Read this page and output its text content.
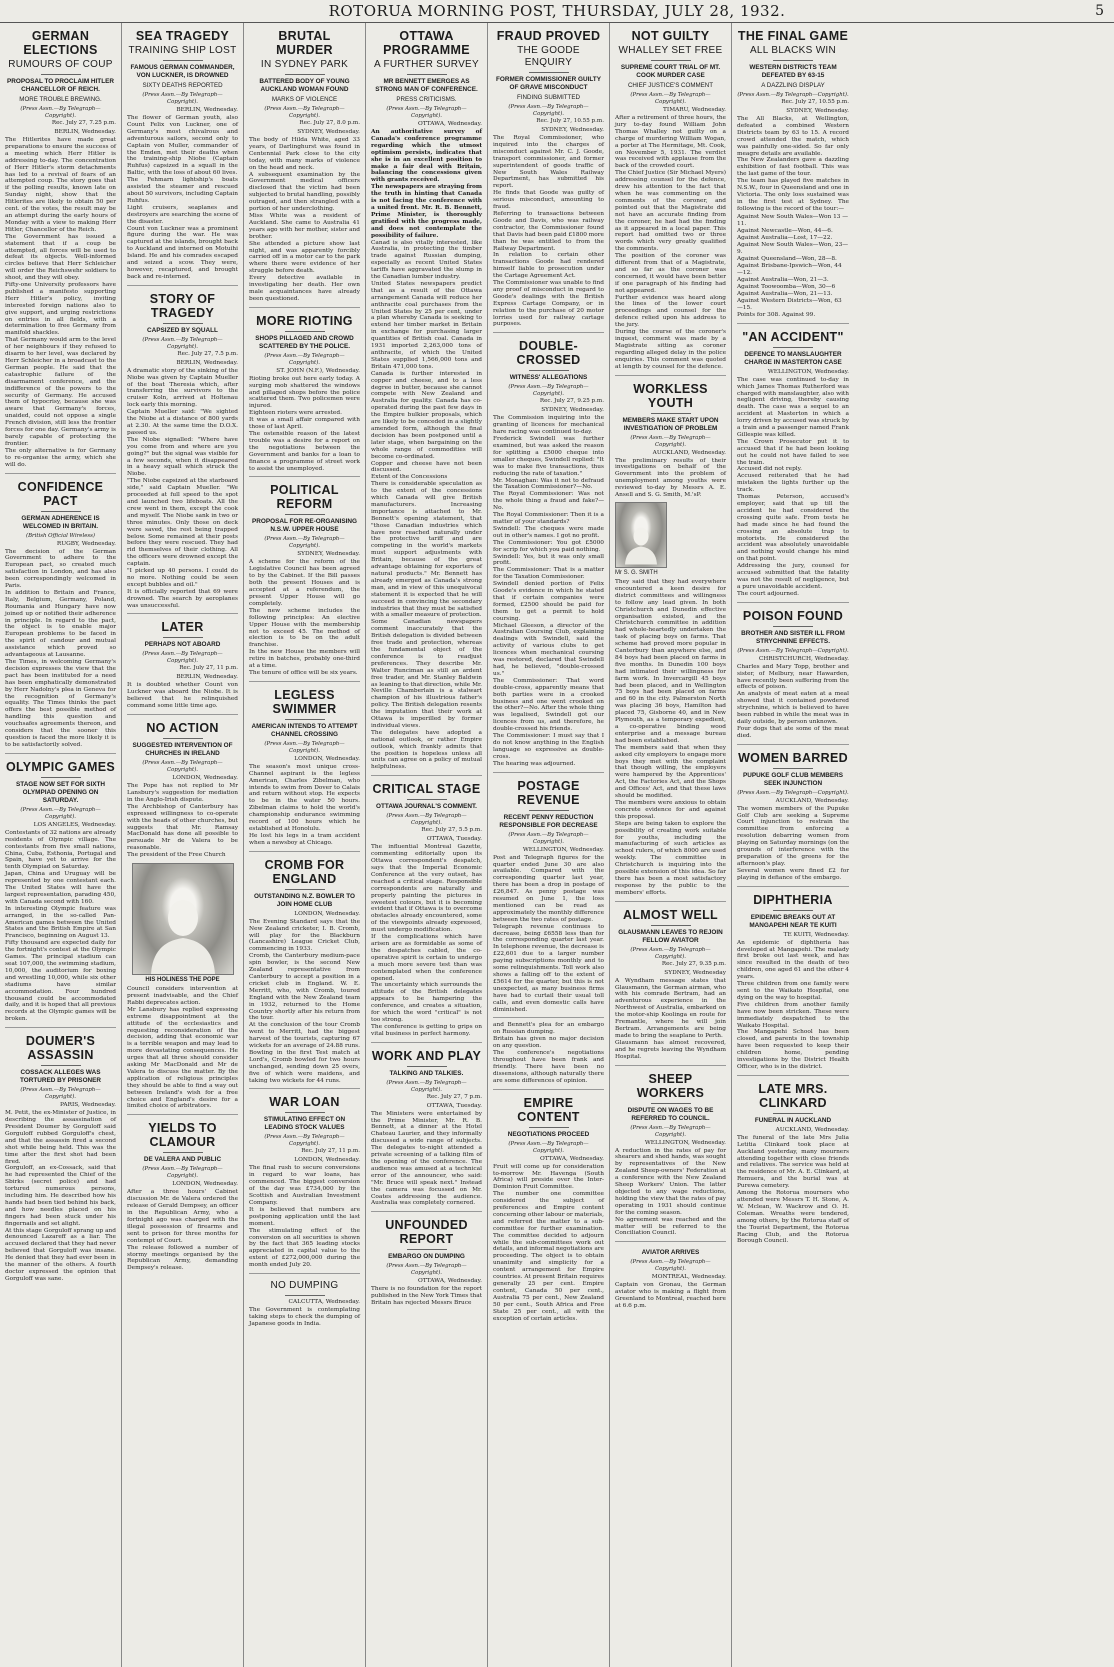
ROTORUA MORNING POST, THURSDAY, JULY 28, 1932.	5
GERMAN ELECTIONS
RUMOURS OF COUP
PROPOSAL TO PROCLAIM HITLER CHANCELLOR OF REICH.
MORE TROUBLE BREWING.
(Press Assn.—By Telegraph—Copyright).
Rec. July 27, 7.25 p.m.
BERLIN, Wednesday.

The Hitlerites have made great preparations to ensure the success of a meeting which Herr Hitler is addressing to-day. The concentration of Herr Hitler's storm detachments has led to a revival of fears of an attempted coup. The story goes that if the polling results, known late on Sunday night, show that the Hitlerites are likely to obtain 50 per cent. of the votes, the result may be an attempt during the early hours of Monday with a view to making Herr Hitler, Chancellor of the Reich.

The Government has issued a statement that if a coup be attempted, all forces will be used to defeat its objects. Well-informed circles believe that Herr Schleicher will order the Reichswehr soldiers to shoot, and they will obey.

Fifty-one University professors have published a manifesto supporting Herr Hitler's policy, inviting interested foreign nations also to give support, and urging restrictions on entries in all fields, with a determination to free Germany from manifold shackles.

That Germany would arm to the level of her neighbours if they refused to disarm to her level, was declared by Herr Schleicher in a broadcast to the German people. He said that the catastrophic failure of the disarmament conference, and the indifference of the powers to the security of Germany. He accused them of hypocrisy, because she was aware that Germany's forces, unaided, could not oppose a single French division, still less the frontier forces for one day. Germany's army is barely capable of protecting the frontier.

The only alternative is for Germany to re-organise the army, which she will do.

CONFIDENCE PACT
GERMAN ADHERENCE IS WELCOMED IN BRITAIN.
(British Official Wireless)
RUGBY, Wednesday.

The decision of the German Government to adhere to the European pact, so created much satisfaction in London, and has also been correspondingly welcomed in Paris.

In addition to Britain and France, Italy, Belgium, Germany, Poland, Roumania and Hungary have now joined up or notified their adherence in principle. In regard to the pact, the object is to enable major European problems to be faced in the spirit of candour and mutual assistance which proved so advantageous at Lausanne.

The Times, in welcoming Germany's decision expresses the view that the pact has been instituted for a need has been emphatically demonstrated by Herr Nadolny's plea in Geneva for the recognition of Germany's equality. The Times thinks the pact offers the best possible method of handling this question and vouchsafes agreements thereon, and considers that the sooner this question is faced the more likely it is to be satisfactorily solved.

OLYMPIC GAMES
STAGE NOW SET FOR SIXTH OLYMPIAD OPENING ON SATURDAY.
(Press Assn.—By Telegraph—Copyright).
LOS ANGELES, Wednesday.

Contestants of 32 nations are already residents of Olympic village. The contestants from five small nations, China, Cuba, Esthonia, Portugal and Spain, have yet to arrive for the tenth Olympiad on Saturday.

Japan, China and Uruguay will be represented by one contestant each. The United States will have the largest representation, parading 450, with Canada second with 160.

In interesting Olympic feature was arranged, in the so-called Pan-American games between the United States and the British Empire at San Francisco, beginning on August 13.

Fifty thousand are expected daily for the fortnight's contest at the Olympic Games. The principal stadium can seat 107,000, the swimming stadium, 10,000, the auditorium for boxing and wrestling 10,000, while six other stadiums have similar accommodation. Four hundred thousand could be accommodated daily, and it is hoped that all previous records at the Olympic games will be broken.

DOUMER'S ASSASSIN
COSSACK ALLEGES WAS TORTURED BY PRISONER
(Press Assn.—By Telegraph—Copyright).
PARIS, Wednesday.

M. Petit, the ex-Minister of Justice, in describing the assassination of President Doumer by Gorguloff said Gorguloff rubbed Gorguloff's chest, and that the assassin fired a second shot while being held. This was the time after the first shot had been fired.

Gorguloff, an ex-Cossack, said that he had represented the Chief of the Sbirks (secret police) and had tortured numerous persons, including him. He described how his hands had been tied behind his back, and how needles placed on his fingers had been stuck under his fingernails and set alight.

At this stage Gorguloff sprang up and denounced Lazareff as a liar. The accused declared that they had never believed that Gorguloff was insane. He denied that they had ever been in the manner of the others. A fourth doctor expressed the opinion that Gorguloff was sane.

SEA TRAGEDY
TRAINING SHIP LOST
FAMOUS GERMAN COMMANDER, VON LUCKNER, IS DROWNED
SIXTY DEATHS REPORTED
(Press Assn.—By Telegraph—Copyright).
BERLIN, Wednesday.

The flower of German youth, also Count Felix von Luckner, one of Germany's most chivalrous and adventurous sailors, second only to Captain von Muller, commander of the Emden, met their deaths when the training-ship Niobe (Captain Ruhfus) capsized in a squall in the Baltic, with the loss of about 60 lives.

The Fehmarn lightship's boats assisted the steamer and rescued about 50 survivors, including Captain Ruhfus.

Light cruisers, seaplanes and destroyers are searching the scene of the disaster.

Count von Luckner was a prominent figure during the war. He was captured at the islands, brought back to Auckland and interned on Motuihi Island. He and his comrades escaped and seized a scow. They were, however, recaptured, and brought back and re-interned.

STORY OF TRAGEDY
CAPSIZED BY SQUALL
(Press Assn.—By Telegraph—Copyright).
Rec. July 27, 7.5 p.m.
BERLIN, Wednesday.

A dramatic story of the sinking of the Niobe was given by Captain Mueller of the boat Theresia which, after transferring the survivors to the cruiser Koln, arrived at Holtenau lock early this morning.

Captain Mueller said: "We sighted the Niobe at a distance of 800 yards at 2.30. At the same time the D.O.X. passed us.

The Niobe signalled: "Where have you come from and where are you going?" but the signal was visible for a few seconds, when it disappeared in a heavy squall which struck the Niobe.

"The Niobe capsized at the starboard side," said Captain Mueller. "We proceeded at full speed to the spot and launched two lifeboats. All the crew went in them, except the cook and myself. The Niobe sank in two or three minutes. Only those on deck were saved, the rest being trapped below. Some remained at their posts before they were rescued. They had rid themselves of their clothing. All the officers were drowned except the captain.

"I picked up 40 persons. I could do no more. Nothing could be seen except bubbles and oil."

It is officially reported that 69 were drowned. The search by aeroplanes was unsuccessful.

LATER
PERHAPS NOT ABOARD
(Press Assn.—By Telegraph—Copyright).
Rec. July 27, 11 p.m.
BERLIN, Wednesday.

It is doubted whether Count von Luckner was aboard the Niobe. It is believed that he relinquished command some little time ago.

NO ACTION
SUGGESTED INTERVENTION OF CHURCHES IN IRELAND
(Press Assn.—By Telegraph—Copyright).
LONDON, Wednesday.

The Pope has not replied to Mr Lansbury's suggestion for mediation in the Anglo-Irish dispute.

The Archbishop of Canterbury has expressed willingness to co-operate with the heads of other churches, but suggests that Mr. Ramsay MacDonald has done all possible to persuade Mr de Valera to be reasonable.

The president of the Free Church

HIS HOLINESS THE POPE

Council considers intervention at present inadvisable, and the Chief Rabbi deprecates action.

Mr Lansbury has replied expressing extreme disappointment at the attitude of the ecclesiastics and requesting reconsideration of the decision, adding that economic war is a terrible weapon and may lead to more devastating consequences. He urges that all three should consider asking Mr MacDonald and Mr de Valera to discuss the matter. By the application of religious principles they should be able to find a way out between Ireland's wish for a free choice and England's desire for a limited choice of arbitrators.

YIELDS TO CLAMOUR
DE VALERA AND PUBLIC
(Press Assn.—By Telegraph—Copyright).
LONDON, Wednesday.

After a three hours' Cabinet discussion Mr. de Valera ordered the release of Gerald Dempsey, an officer in the Republican Army, who a fortnight ago was charged with the illegal possession of firearms and sent to prison for three months for contempt of Court.

The release followed a number of stormy meetings organised by the Republican Army, demanding Dempsey's release.

BRUTAL MURDER
IN SYDNEY PARK
BATTERED BODY OF YOUNG AUCKLAND WOMAN FOUND
MARKS OF VIOLENCE
(Press Assn.—By Telegraph—Copyright).
Rec. July 27, 8.0 p.m.
SYDNEY, Wednesday.

The body of Hilda White, aged 33 years, of Darlinghurst was found in Centennial Park close to the city today, with many marks of violence on the head and neck.

A subsequent examination by the Government medical officers disclosed that the victim had been subjected to brutal handling, possibly outraged, and then strangled with a portion of her underclothing.

Miss White was a resident of Auckland. She came to Australia 41 years ago with her mother, sister and brother.

She attended a picture show last night, and was apparently forcibly carried off in a motor car to the park where there were evidence of her struggle before death.

Every detective available in investigating her death. Her own male acquaintances have already been questioned.

MORE RIOTING
SHOPS PILLAGED AND CROWD SCATTERED BY THE POLICE.
(Press Assn.—By Telegraph—Copyright).
ST. JOHN (N.F.), Wednesday.

Rioting broke out here early today. A surging mob shattered the windows and pillaged shops before the police scattered them. Two policemen were injured.

Eighteen rioters were arrested.

It was a small affair compared with those of last April.

The ostensible reason of the latest trouble was a desire for a report on the negotiations between the Government and banks for a loan to finance a programme of street work to assist the unemployed.

POLITICAL REFORM
PROPOSAL FOR RE-ORGANISING N.S.W. UPPER HOUSE
(Press Assn.—By Telegraph—Copyright).
SYDNEY, Wednesday.

A scheme for the reform of the Legislative Council has been agreed to by the Cabinet. If the Bill passes both the present Houses and is accepted at a referendum, the present Upper House will go completely.

The new scheme includes the following principles: An elective Upper House with the membership not to exceed 45. The method of election is to be on the adult franchise.

In the new House the members will retire in batches, probably one-third at a time.

The tenure of office will be six years.

LEGLESS SWIMMER
AMERICAN INTENDS TO ATTEMPT CHANNEL CROSSING
(Press Assn.—By Telegraph—Copyright).
LONDON, Wednesday.

The season's most unique cross-Channel aspirant is the legless American, Charles Zibelman, who intends to swim from Dover to Calais and return without stop. He expects to be in the water 50 hours. Zibelman claims to hold the world's championship endurance swimming record of 100 hours which he established at Honolulu.

He lost his legs in a tram accident when a newsboy at Chicago.

CROMB FOR ENGLAND
OUTSTANDING N.Z. BOWLER TO JOIN HOME CLUB
LONDON, Wednesday.

The Evening Standard says that the New Zealand cricketer, I. B. Cromb, will play for the Blackburn (Lancashire) League Cricket Club, commencing in 1933.

Cromb, the Canterbury medium-pace spin bowler, is the second New Zealand representative from Canterbury to accept a position in a cricket club in England. W. E. Merritt, who, with Cromb, toured England with the New Zealand team in 1932, returned to the Home Country shortly after his return from the tour.

At the conclusion of the tour Cromb went to Merritt, had the biggest harvest of the tourists, capturing 67 wickets for an average of 24.88 runs. Bowling in the first Test match at Lord's, Cromb bowled for two hours unchanged, sending down 25 overs, five of which were maidens, and taking two wickets for 44 runs.

WAR LOAN
STIMULATING EFFECT ON LEADING STOCK VALUES
(Press Assn.—By Telegraph—Copyright).
Rec. July 27, 11 p.m.
LONDON, Wednesday.

The final rush to secure conversions in regard to war loans, has commenced. The biggest conversion of the day was £734,000 by the Scottish and Australian Investment Company.

It is believed that numbers are postponing application until the last moment.

The stimulating effect of the conversion on all securities is shown by the fact that 365 leading stocks appreciated in capital value to the extent of £272,000,000 during the month ended July 20.

NO DUMPING
CALCUTTA, Wednesday.

The Government is contemplating taking steps to check the dumping of Japanese goods in India.

OTTAWA PROGRAMME
A FURTHER SURVEY
MR BENNETT EMERGES AS STRONG MAN OF CONFERENCE.
PRESS CRITICISMS.
(Press Assn.—By Telegraph—Copyright).
OTTAWA, Wednesday.

An authoritative survey of Canada's conference programme regarding which the utmost optimism persists, indicates that she is in an excellent position to make a fair deal with Britain, balancing the concessions given with grants received.

The newspapers are straying from the truth in hinting that Canada is not facing the conference with a united front. Mr. R. B. Bennett, Prime Minister, is thoroughly gratified with the progress made, and does not contemplate the possibility of failure.

Canad is also vitally interested, like Australia, in protecting the timber trade against Russian dumping, especially as recent United States tariffs have aggravated the slump in the Canadian lumber industry.

United States newspapers predict that as a result of the Ottawa arrangement Canada will reduce her anthracite coal purchases from the United States by 25 per cent, under a plan whereby Canada is seeking to extend her timber market in Britain in exchange for purchasing larger quantities of British coal. Canada in 1931 imported 2,263,000 tons of anthracite, of which the United States supplied 1,566,000 tons and Britain 471,000 tons.

Canada is further interested in copper and cheese, and to a less degree in butter, because she cannot compete with New Zealand and Australia for quality. Canada has co-operated during the past few days in the Empire bulkier proposals, which are likely to be conceded in a slightly amended form, although the final decision has been postponed until a later stage, when bargaining on the whole range of commodities will become co-ordinated.

Copper and cheese have not been discussed.

Extent of the Concessions

There is considerable speculation as to the extent of the concessions which Canada will give British manufacturers. Increasing importance is attached to Mr. Bennett's opening statement, that "those Canadian industries which have now reached naturally under the protective tariff and are competing in the world's markets must support adjustments with Britain, because of the great advantage obtaining for exporters of natural products." Mr. Bennett has already emerged as Canada's strong man, and in view of this unequivocal statement it is expected that he will succeed in convincing the secondary industries that they must be satisfied with a smaller measure of protection.

Some Canadian newspapers comment inaccurately that the British delegation is divided between free trade and protection, whereas the fundamental object of the conference is to readjust preferences. They describe Mr. Walter Runciman as still an ardent free trader, and Mr. Stanley Baldwin as leaning to that direction, while Mr. Neville Chamberlain is a stalwart champion of his illustrious father's policy. The British delegation resents the imputation that their work at Ottawa is imperilled by former individual views.

The delegates have adopted a national outlook, or rather Empire outlook, which frankly admits that the position is hopeless unless all units can agree on a policy of mutual helpfulness.

CRITICAL STAGE
OTTAWA JOURNAL'S COMMENT.
(Press Assn.—By Telegraph—Copyright).
Rec. July 27, 5.5 p.m.
OTTAWA, Tuesday.

The influential Montreal Gazette, commenting editorially upon its Ottawa correspondent's despatch, says that the Imperial Economic Conference at the very outset, has reached a critical stage. Responsible correspondents are naturally and properly painting the pictures in sweetest colours, but it is becoming evident that if Ottawa is to overcome obstacles already encountered, some of the viewpoints already expressed, must undergo modification.

If the complications which have arisen are as formidable as some of the despatches cabled, the co-operative spirit is certain to undergo a much more severe test than was contemplated when the conference opened.

The uncertainty which surrounds the attitude of the British delegates appears to be hampering the conference, and creates a situation, for which the word "critical" is not too strong.

The conference is getting to grips on vital business in perfect harmony.

WORK AND PLAY
TALKING AND TALKIES.
(Press Assn.—By Telegraph—Copyright).
Rec. July 27, 7 p.m.
OTTAWA, Tuesday.

The Ministers were entertained by the Prime Minister, Mr. R. B. Bennett, at a dinner at the Hotel Chateau Laurier, and they informally discussed a wide range of subjects. The delegates to-night attended a private screening of a talking film of the opening of the conference. The audience was amused at a technical error of the announcer, who said: "Mr. Bruce will speak next." Instead the camera was focussed on Mr. Coates addressing the audience. Australia was completely cornered.

UNFOUNDED REPORT
EMBARGO ON DUMPING
(Press Assn.—By Telegraph—Copyright).
OTTAWA, Wednesday.

There is no foundation for the report published in the New York Times that Britain has rejected Messrs Bruce

FRAUD PROVED
THE GOODE ENQUIRY
FORMER COMMISSIONER GUILTY OF GRAVE MISCONDUCT
FINDING SUBMITTED
(Press Assn.—By Telegraph—Copyright).
Rec. July 27, 10.55 p.m.
SYDNEY, Wednesday.

The Royal Commissioner, who inquired into the charges of misconduct against Mr. C. J. Goode, transport commissioner, and former superintendent of goods traffic of New South Wales Railway Department, has submitted his report.

He finds that Goode was guilty of serious misconduct, amounting to fraud.

Referring to transactions between Goode and Davis, who was railway contractor, the Commissioner found that Davis had been paid £1800 more than he was entitled to from the Railway Department.

In relation to certain other transactions Goode had rendered himself liable to prosecution under the Cartage Agreement Act.

The Commissioner was unable to find any proof of misconduct in regard to Goode's dealings with the British Express Cartage Company, or in relation to the purchase of 20 motor lorries used for railway cartage purposes.

DOUBLE-CROSSED
WITNESS' ALLEGATIONS
(Press Assn.—By Telegraph—Copyright).
Rec. July 27, 9.25 p.m.
SYDNEY, Wednesday.

The Commission inquiring into the granting of licences for mechanical hare racing was continued to-day.

Frederick Swindell was further examined, but was asked the reason for splitting a £5000 cheque into smaller cheques, Swindell replied: "It was to make five transactions, thus reducing the rate of taxation."

Mr. Monaghan: Was it not to defraud the Taxation Commissioner?—No.

The Royal Commissioner: Was not the whole thing a fraud and fake?—No.

The Royal Commissioner: Then it is a matter of your standards?

Swindell: The cheques were made out in other's names. I got no profit.

The Commissioner: You got £5000 for scrip for which you paid nothing.

Swindell: Yes, but it was only small profit.

The Commissioner: That is a matter for the Taxation Commissioner.

Swindell denied portion of Felix Goode's evidence in which he stated that if certain companies were formed, £2500 should be paid for them to get a permit to hold coursing.

Michael Gleeson, a director of the Australian Coursing Club, explaining dealings with Swindell, said the activity of various clubs to get licences when mechanical coursing was restored, declared that Swindell had, he believed, "double-crossed us."

The Commissioner: That word double-cross, apparently means that both parties were in a crooked business and one went crooked on the other?—No. After the whole thing was legalised, Swindell got our licences from us, and therefore, he double-crossed his friends.

The Commissioner: I must say that I do not know anything in the English language so expressive as double-cross.

The hearing was adjourned.

POSTAGE REVENUE
RECENT PENNY REDUCTION RESPONSIBLE FOR DECREASE
(Press Assn.—By Telegraph—Copyright).
WELLINGTON, Wednesday.

Post and Telegraph figures for the quarter ended June 30 are also available. Compared with the corresponding quarter last year, there has been a drop in postage of £26,847. As penny postage was resumed on June 1, the loss mentioned can be read as approximately the monthly difference between the two rates of postage.

Telegraph revenue continues to decrease, being £6558 less than for the corresponding quarter last year. In telephone revenue, the decrease is £22,601 due to a larger number paying subscriptions monthly and to some relinquishments. Toll work also shows a falling off to the extent of £5614 for the quarter, but this is not unexpected, as many business firms have had to curtail their usual toll calls, and even domestic calls have diminished.

and Bennett's plea for an embargo on Russian dumping.

Britain has given no major decision on any question.

The conference's negotiations throughout have been frank and friendly. There have been no dissensions, although naturally there are some differences of opinion.

EMPIRE CONTENT
NEGOTIATIONS PROCEED
(Press Assn.—By Telegraph—Copyright).
OTTAWA, Wednesday.

Fruit will come up for consideration to-morrow Mr. Havenga (South Africa) will preside over the Inter-Dominion Fruit Committee.

The number one committee considered the subject of preferences and Empire content concerning other labour or materials, and referred the matter to a sub-committee for further examination. The committee decided to adjourn while the sub-committees work out details, and informal negotiations are proceeding. The object is to obtain unanimity and simplicity for a content arrangement for Empire countries. At present Britain requires generally 25 per cent. Empire content, Canada 50 per cent., Australia 75 per cent., New Zealand 50 per cent., South Africa and Free State 25 per cent., all with the exception of certain articles.

NOT GUILTY
WHALLEY SET FREE
SUPREME COURT TRIAL OF MT. COOK MURDER CASE
CHIEF JUSTICE'S COMMENT
(Press Assn.—By Telegraph—Copyright).
TIMARU, Wednesday.

After a retirement of three hours, the jury to-day found William John Thomas Whalley not guilty on a charge of murdering William Wogan, a porter at The Hermitage, Mt. Cook, on November 5, 1931. The verdict was received with applause from the back of the crowded court.

The Chief Justice (Sir Michael Myers) addressing counsel for the defence, drew his attention to the fact that when he was commenting on the comments of the coroner, and pointed out that the Magistrate did not have an accurate finding from the coroner, he had had the finding as it appeared in a local paper. This report had omitted two or three words which very greatly qualified the comments.

The position of the coroner was different from that of a Magistrate, and so far as the coroner was concerned, it would have been better if one paragraph of his finding had not appeared.

Further evidence was heard along the lines of the lower court proceedings and counsel for the defence relied upon his address to the jury.

During the course of the coroner's inquest, comment was made by a Magistrate sitting as coroner regarding alleged delay in the police enquiries. This comment was quoted at length by counsel for the defence.

WORKLESS YOUTH
MEMBERS MAKE START UPON INVESTIGATION OF PROBLEM
(Press Assn.—By Telegraph—Copyright).
AUCKLAND, Wednesday.

The preliminary results of their investigations on behalf of the Government into the problem of unemployment among youths were reviewed to-day by Messrs A. E. Ansell and S. G. Smith, M.'sP.

Mr S. G. SMITH

They said that they had everywhere encountered a keen desire for district committees and willingness to follow any lead given. In both Christchurch and Dunedin effective organisation existed, and the Christchurch committee in addition had whole-heartedly undertaken the task of placing boys on farms. That scheme had proved more popular in Canterbury than anywhere else, and 84 boys had been placed on farms in five months. In Dunedin 100 boys had intimated their willingness for farm work. In Invercargill 45 boys had been placed, and in Wellington 75 boys had been placed on farms and 60 in the city. Palmerston North was placing 36 boys, Hamilton had placed 75, Gisborne 40, and in New Plymouth, as a temporary expedient, a co-operative binding wood enterprise and a message bureau had been established.

The members said that when they asked city employers to engage more boys they met with the complaint that though willing, the employers were hampered by the Apprentices' Act, the Factories Act, and the Shops and Offices' Act, and that these laws should be modified.

The members were anxious to obtain concrete evidence for and against this proposal.

Steps are being taken to explore the possibility of creating work suitable for youths, including the manufacturing of such articles as school rulers, of which 8000 are used weekly. The committee in Christchurch is inquiring into the possible extension of this idea. So far there has been a most satisfactory response by the public to the members' efforts.

ALMOST WELL
GLAUSMANN LEAVES TO REJOIN FELLOW AVIATOR
(Press Assn.—By Telegraph—Copyright).
Rec. July 27, 9.35 p.m.
SYDNEY, Wednesday

A Wyndham message states that Glausmann, the German airman, who with his comrade Bertram, had an adventurous experience in the Northwest of Australia, embarked on the motor-ship Koolinga en route for Fremantle, where he will join Bertram. Arrangements are being made to bring the seaplane to Perth.

Glausmann has almost recovered, and he regrets leaving the Wyndham Hospital.

SHEEP WORKERS
DISPUTE ON WAGES TO BE REFERRED TO COUNCIL.
(Press Assn.—By Telegraph—Copyright).
WELLINGTON, Wednesday.

A reduction in the rates of pay for shearers and shed hands, was sought by representatives of the New Zealand Sheep-owners' Federation at a conference with the New Zealand Sheep Workers' Union. The latter objected to any wage reductions, holding the view that the rates of pay operating in 1931 should continue for the coming season.

No agreement was reached and the matter will be referred to the Conciliation Council.

AVIATOR ARRIVES
(Press Assn.—By Telegraph—Copyright).
MONTREAL, Wednesday.

Captain von Gronau, the German aviator who is making a flight from Greenland to Montreal, reached here at 6.6 p.m.

THE FINAL GAME
ALL BLACKS WIN
WESTERN DISTRICTS TEAM DEFEATED BY 63-15
A DAZZLING DISPLAY
(Press Assn.—By Telegraph—Copyright).
Rec. July 27, 10.55 p.m.
SYDNEY, Wednesday.

The All Blacks, at Wellington, defeated a combined Western Districts team by 63 to 15. A record crowd attended the match, which was painfully one-sided. So far only meagre details are available.

The New Zealanders gave a dazzling exhibition of fast football. This was the last game of the tour.

The team has played five matches in N.S.W., four in Queensland and one in Victoria. The only loss sustained was in the first test at Sydney. The following is the record of the tour:—

Against New South Wales—Won 13 —11.
Against Newcastle—Won, 44—6.
Against Australia—Lost, 17—22.
Against New South Wales—Won, 23—9.
Against Queensland—Won, 28—8.
Against Brisbane-Ipswich—Won, 44 —12.
Against Australia—Won, 21—3.
Against Toowoomba—Won, 30—6
Against Australia—Won, 21—13.
Against Western Districts—Won, 63 —15.
Points for 308. Against 99.
"AN ACCIDENT"
DEFENCE TO MANSLAUGHTER CHARGE IN MASTERTON CASE
WELLINGTON, Wednesday.

The case was continued to-day in which James Thomas Rutherford was charged with manslaughter, also with negligent driving, thereby causing death. The case was a sequel to an accident at Masterton in which a lorry driven by accused was struck by a train and a passenger named Frank Gillespie was killed.

The Crown Prosecutor put it to accused that if he had been looking out he could not have failed to see the train.

Accused did not reply.

Accused reiterated that he had mistaken the lights further up the track.

Thomas Peterson, accused's employer, said that up till the accident he had considered the crossing quite safe. From tests he had made since he had found the crossing an absolute trap to motorists. He considered the accident was absolutely unavoidable and nothing would change his mind on that point.

Addressing the jury, counsel for accused submitted that the fatality was not the result of negligence, but a pure unavoidable accident.

The court adjourned.

POISON FOUND
BROTHER AND SISTER ILL FROM STRYCHNINE EFFECTS.
(Press Assn.—By Telegraph—Copyright).
CHRISTCHURCH, Wednesday.

Charles and Mary Topp, brother and sister, of Melbury, near Hawarden, have recently been suffering from the effects of poison.

An analysis of meat eaten at a meal showed that it contained powdered strychnine, which is believed to have been rubbed in while the meat was in daily outside, by person unknown.

Four dogs that ate some of the meat died.

WOMEN BARRED
PUPUKE GOLF CLUB MEMBERS SEEK INJUNCTION
(Press Assn.—By Telegraph—Copyright).
AUCKLAND, Wednesday.

The women members of the Pupuke Golf Club are seeking a Supreme Court injunction to restrain the committee from enforcing a resolution debarring women from playing on Saturday mornings (on the grounds of interference with the preparation of the greens for the afternoon's play.

Several women were fined £2 for playing in defiance of the embargo.

DIPHTHERIA
EPIDEMIC BREAKS OUT AT MANGAPEHI NEAR TE KUITI
TE KUITI, Wednesday.

An epidemic of diphtheria has developed at Mangapehi. The malady first broke out last week, and has since resulted in the death of two children, one aged 61 and the other 4 years.

Three children from one family were sent to the Waikato Hospital, one dying on the way to hospital.

Five children from another family have now been stricken. These were immediately despatched to the Waikato Hospital.

The Mangapehi School has been closed, and parents in the township have been requested to keep their children home, pending investigations by the District Health Officer, who is in the district.

LATE MRS. CLINKARD
FUNERAL IN AUCKLAND
AUCKLAND, Wednesday.

The funeral of the late Mrs Julia Letitia Clinkard took place at Auckland yesterday, many mourners attending together with close friends and relatives. The service was held at the residence of Mr. A. E. Clinkard, at Remuera, and the burial was at Purewa cemetery.

Among the Rotorua mourners who attended were Messrs T. H. Stone, A. W. Mclean, W. Wackrow and O. H. Coleman. Wreaths were tendered, among others, by the Rotorua staff of the Tourist Department, the Rotorua Racing Club, and the Rotorua Borough Council.
